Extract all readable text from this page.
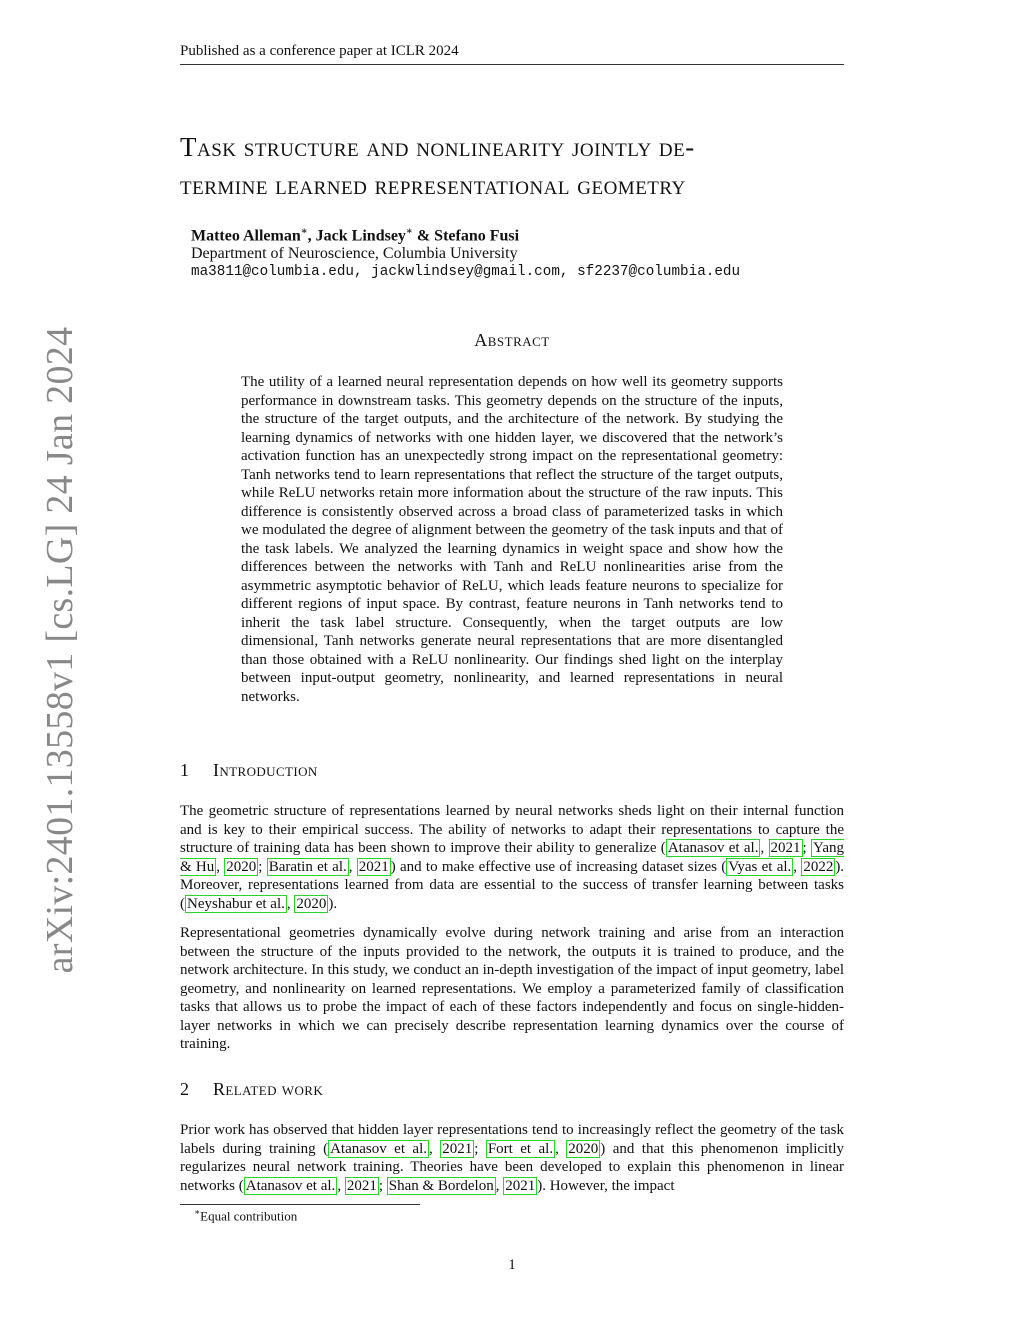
Published as a conference paper at ICLR 2024
Task structure and nonlinearity jointly de-
termine learned representational geometry
Matteo Alleman∗, Jack Lindsey∗ & Stefano Fusi
Department of Neuroscience, Columbia University
ma3811@columbia.edu, jackwlindsey@gmail.com, sf2237@columbia.edu
Abstract
The utility of a learned neural representation depends on how well its geometry supports performance in downstream tasks. This geometry depends on the structure of the inputs, the structure of the target outputs, and the architecture of the network. By studying the learning dynamics of networks with one hidden layer, we discovered that the network’s activation function has an unexpectedly strong impact on the representational geometry: Tanh networks tend to learn representations that reflect the structure of the target outputs, while ReLU networks retain more information about the structure of the raw inputs. This difference is consistently observed across a broad class of parameterized tasks in which we modulated the degree of alignment between the geometry of the task inputs and that of the task labels. We analyzed the learning dynamics in weight space and show how the differences between the networks with Tanh and ReLU nonlinearities arise from the asymmetric asymptotic behavior of ReLU, which leads feature neurons to specialize for different regions of input space. By contrast, feature neurons in Tanh networks tend to inherit the task label structure. Consequently, when the target outputs are low dimensional, Tanh networks generate neural representations that are more disentangled than those obtained with a ReLU nonlinearity. Our findings shed light on the interplay between input-output geometry, nonlinearity, and learned representations in neural networks.
1 Introduction
The geometric structure of representations learned by neural networks sheds light on their internal function and is key to their empirical success. The ability of networks to adapt their representations to capture the structure of training data has been shown to improve their ability to generalize ( Atanasov et al. , 2021 ; Yang & Hu , 2020 ; Baratin et al. , 2021 ) and to make effective use of increasing dataset sizes ( Vyas et al. , 2022 ). Moreover, representations learned from data are essential to the success of transfer learning between tasks ( Neyshabur et al. , 2020 ).
Representational geometries dynamically evolve during network training and arise from an interaction between the structure of the inputs provided to the network, the outputs it is trained to produce, and the network architecture. In this study, we conduct an in-depth investigation of the impact of input geometry, label geometry, and nonlinearity on learned representations. We employ a parameterized family of classification tasks that allows us to probe the impact of each of these factors independently and focus on single-hidden-layer networks in which we can precisely describe representation learning dynamics over the course of training.
2 Related work
Prior work has observed that hidden layer representations tend to increasingly reflect the geometry of the task labels during training ( Atanasov et al. , 2021 ; Fort et al. , 2020 ) and that this phenomenon implicitly regularizes neural network training. Theories have been developed to explain this phenomenon in linear networks ( Atanasov et al. , 2021 ; Shan & Bordelon , 2021 ). However, the impact
∗Equal contribution
1
arXiv:2401.13558v1 [cs.LG] 24 Jan 2024
